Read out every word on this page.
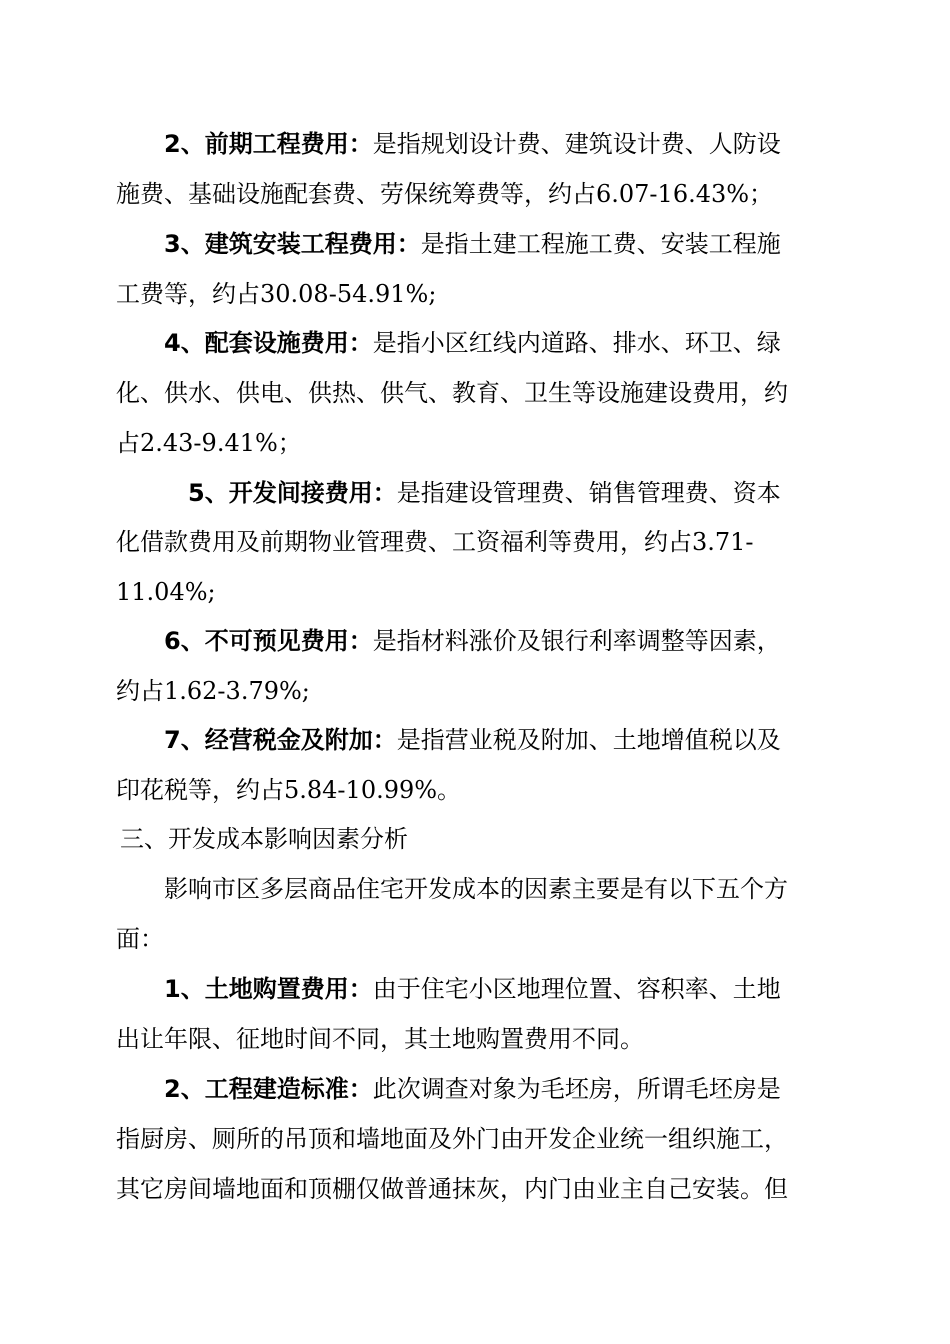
2、前期工程费用：是指规划设计费、建筑设计费、人防设
施费、基础设施配套费、劳保统筹费等，约占6.07-16.43%；
3、建筑安装工程费用：是指土建工程施工费、安装工程施
工费等，约占30.08-54.91%;
4、配套设施费用：是指小区红线内道路、排水、环卫、绿
化、供水、供电、供热、供气、教育、卫生等设施建设费用，约
占2.43-9.41%；
5、开发间接费用：是指建设管理费、销售管理费、资本
化借款费用及前期物业管理费、工资福利等费用，约占3.71-
11.04%;
6、不可预见费用：是指材料涨价及银行利率调整等因素，
约占1.62-3.79%;
7、经营税金及附加：是指营业税及附加、土地增值税以及
印花税等，约占5.84-10.99%。
三、开发成本影响因素分析
影响市区多层商品住宅开发成本的因素主要是有以下五个方
面：
1、土地购置费用：由于住宅小区地理位置、容积率、土地
出让年限、征地时间不同，其土地购置费用不同。
2、工程建造标准：此次调查对象为毛坯房，所谓毛坯房是
指厨房、厕所的吊顶和墙地面及外门由开发企业统一组织施工，
其它房间墙地面和顶棚仅做普通抹灰，内门由业主自己安装。但
